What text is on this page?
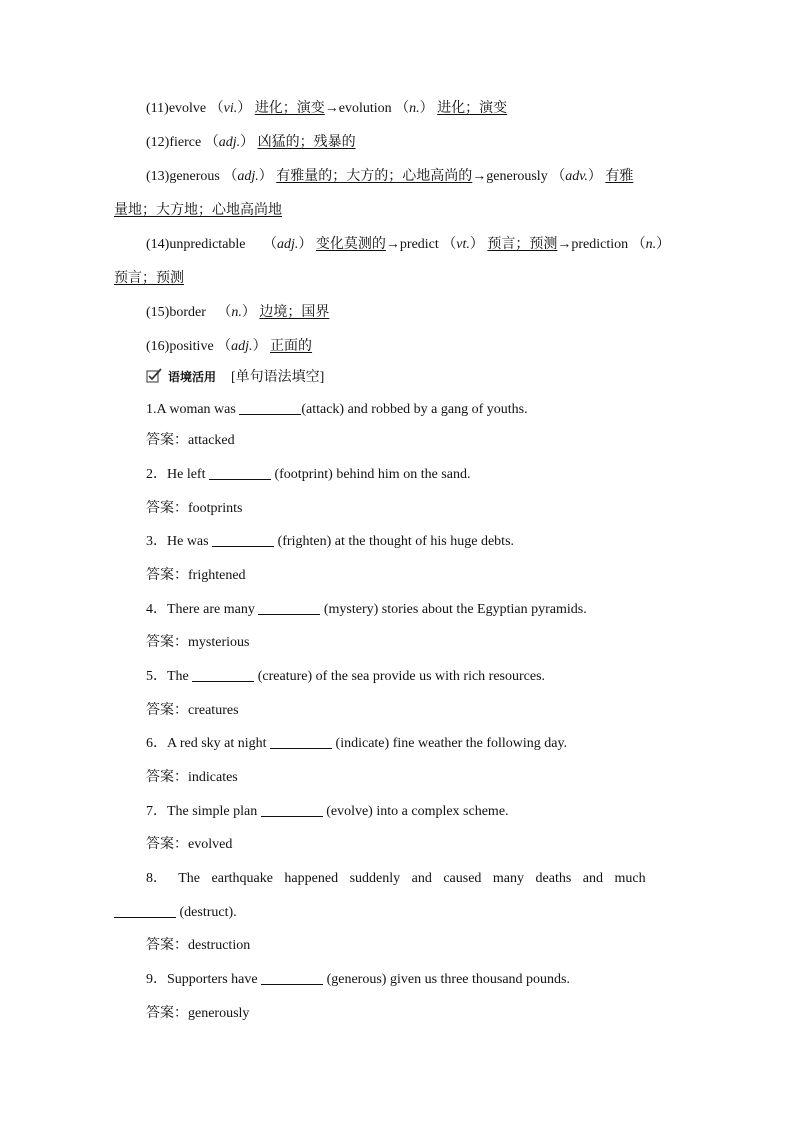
(11)evolve （vi.） 进化；演变→evolution （n.） 进化；演变
(12)fierce （adj.） 凶猛的；残暴的
(13)generous （adj.） 有雅量的；大方的；心地高尚的→generously （adv.） 有雅
量地；大方地；心地高尚地
(14)unpredictable （adj.） 变化莫测的→predict （vt.） 预言；预测→prediction （n.）
预言；预测
(15)border （n.） 边境；国界
(16)positive （adj.） 正面的
语境活用 [单句语法填空]
1.A woman was	(attack) and robbed by a gang of youths.
答案：attacked
2．He left	(footprint) behind him on the sand.
答案：footprints
3．He was	(frighten) at the thought of his huge debts.
答案：frightened
4．There are many	(mystery) stories about the Egyptian pyramids.
答案：mysterious
5．The	(creature) of the sea provide us with rich resources.
答案：creatures
6．A red sky at night	(indicate) fine weather the following day.
答案：indicates
7．The simple plan	(evolve) into a complex scheme.
答案：evolved
8． The earthquake happened suddenly and caused many deaths and much
(destruct).
答案：destruction
9．Supporters have	(generous) given us three thousand pounds.
答案：generously
